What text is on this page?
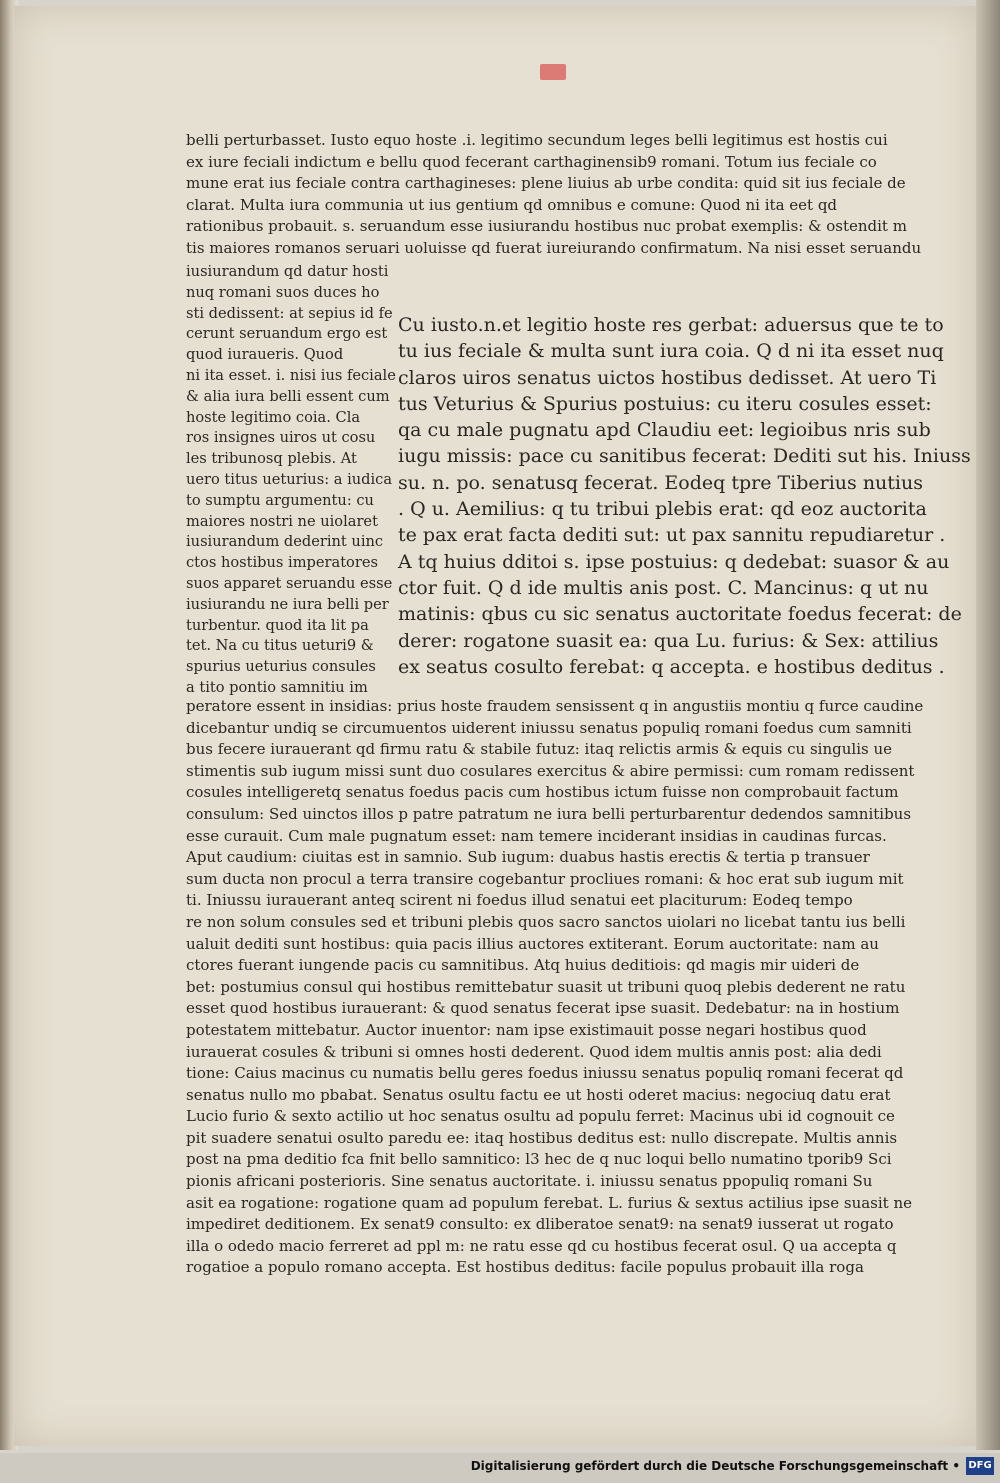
belli perturbasset. Iusto equo hoste .i. legitimo secundum leges belli legitimus est hostis cui
ex iure feciali indictum e bellu quod fecerant carthaginensib9 romani. Totum ius feciale co
mune erat ius feciale contra carthagineses: plene liuius ab urbe condita: quid sit ius feciale de
clarat. Multa iura communia ut ius gentium qd omnibus e comune: Quod ni ita eet qd
rationibus probauit. s. seruandum esse iusiurandu hostibus nuc probat exemplis: & ostendit m
tis maiores romanos seruari uoluisse qd fuerat iureiurando confirmatum. Na nisi esset seruandu
iusiurandum qd datur hosti
nuq romani suos duces ho
sti dedissent: at sepius id fe
cerunt seruandum ergo est
quod iuraueris. Quod
ni ita esset. i. nisi ius feciale
& alia iura belli essent cum
hoste legitimo coia. Cla
ros insignes uiros ut cosu
les tribunosq plebis. At
uero titus ueturius: a iudica
to sumptu argumentu: cu
maiores nostri ne uiolaret
iusiurandum dederint uinc
ctos hostibus imperatores
suos apparet seruandu esse
iusiurandu ne iura belli per
turbentur. quod ita lit pa
tet. Na cu titus ueturi9 &
spurius ueturius consules
a tito pontio samnitiu im
Cu iusto.n.et legitio hoste res gerbat: aduersus que te to
tu ius feciale & multa sunt iura coia. Q d ni ita esset nuq
claros uiros senatus uictos hostibus dedisset. At uero Ti
tus Veturius & Spurius postuius: cu iteru cosules esset:
qa cu male pugnatu apd Claudiu eet: legioibus nris sub
iugu missis: pace cu sanitibus fecerat: Dediti sut his. Iniuss
su. n. po. senatusq fecerat. Eodeq tpre Tiberius nutius
. Q u. Aemilius: q tu tribui plebis erat: qd eoz auctorita
te pax erat facta dediti sut: ut pax sannitu repudiaretur .
A tq huius dditoi s. ipse postuius: q dedebat: suasor & au
ctor fuit. Q d ide multis anis post. C. Mancinus: q ut nu
matinis: qbus cu sic senatus auctoritate foedus fecerat: de
derer: rogatone suasit ea: qua Lu. furius: & Sex: attilius
ex seatus cosulto ferebat: q accepta. e hostibus deditus .
peratore essent in insidias: prius hoste fraudem sensissent q in angustiis montiu q furce caudine
dicebantur undiq se circumuentos uiderent iniussu senatus populiq romani foedus cum samniti
bus fecere iurauerant qd firmu ratu & stabile futuz: itaq relictis armis & equis cu singulis ue
stimentis sub iugum missi sunt duo cosulares exercitus & abire permissi: cum romam redissent
cosules intelligeretq senatus foedus pacis cum hostibus ictum fuisse non comprobauit factum
consulum: Sed uinctos illos p patre patratum ne iura belli perturbarentur dedendos samnitibus
esse curauit. Cum male pugnatum esset: nam temere inciderant insidias in caudinas furcas.
Aput caudium: ciuitas est in samnio. Sub iugum: duabus hastis erectis & tertia p transuer
sum ducta non procul a terra transire cogebantur procliues romani: & hoc erat sub iugum mit
ti. Iniussu iurauerant anteq scirent ni foedus illud senatui eet placiturum: Eodeq tempo
re non solum consules sed et tribuni plebis quos sacro sanctos uiolari no licebat tantu ius belli
ualuit dediti sunt hostibus: quia pacis illius auctores extiterant. Eorum auctoritate: nam au
ctores fuerant iungende pacis cu samnitibus. Atq huius deditiois: qd magis mir uideri de
bet: postumius consul qui hostibus remittebatur suasit ut tribuni quoq plebis dederent ne ratu
esset quod hostibus iurauerant: & quod senatus fecerat ipse suasit. Dedebatur: na in hostium
potestatem mittebatur. Auctor inuentor: nam ipse existimauit posse negari hostibus quod
iurauerat cosules & tribuni si omnes hosti dederent. Quod idem multis annis post: alia dedi
tione: Caius macinus cu numatis bellu geres foedus iniussu senatus populiq romani fecerat qd
senatus nullo mo pbabat. Senatus osultu factu ee ut hosti oderet macius: negociuq datu erat
Lucio furio & sexto actilio ut hoc senatus osultu ad populu ferret: Macinus ubi id cognouit ce
pit suadere senatui osulto paredu ee: itaq hostibus deditus est: nullo discrepate. Multis annis
post na pma deditio fca fnit bello samnitico: l3 hec de q nuc loqui bello numatino tporib9 Sci
pionis africani posterioris. Sine senatus auctoritate. i. iniussu senatus ppopuliq romani Su
asit ea rogatione: rogatione quam ad populum ferebat. L. furius & sextus actilius ipse suasit ne
impediret deditionem. Ex senat9 consulto: ex dliberatoe senat9: na senat9 iusserat ut rogato
illa o odedo macio ferreret ad ppl m: ne ratu esse qd cu hostibus fecerat osul. Q ua accepta q
rogatioe a populo romano accepta. Est hostibus deditus: facile populus probauit illa roga
Digitalisierung gefördert durch die Deutsche Forschungsgemeinschaft • DFG
